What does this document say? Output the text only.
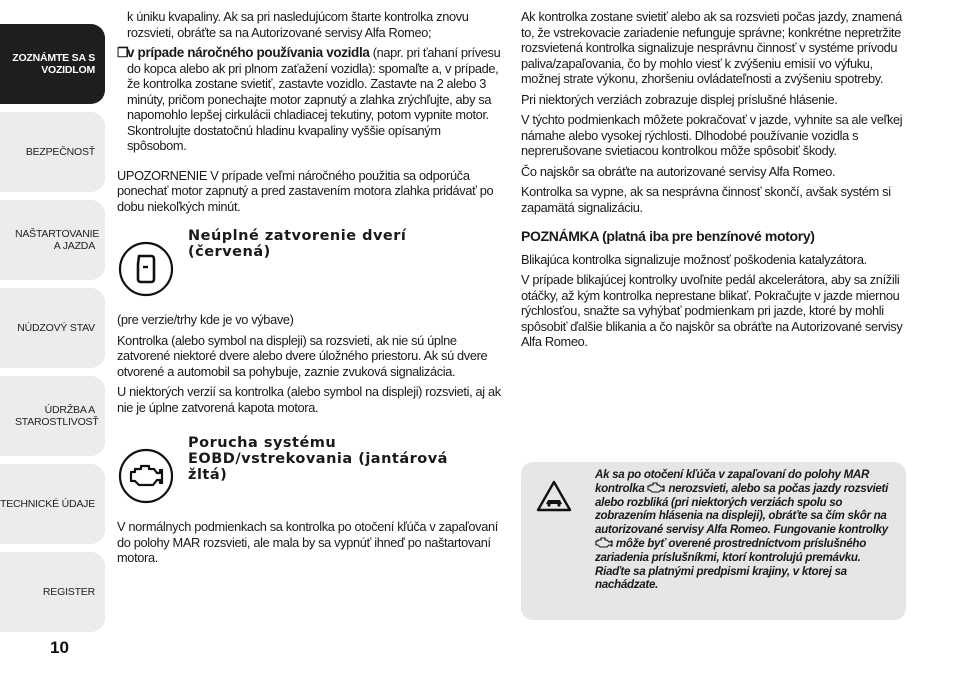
ZOZNÁMTE SA S VOZIDLOM
BEZPEČNOSŤ
NAŠTARTOVANIE A JAZDA
NÚDZOVÝ STAV
ÚDRŽBA A STAROSTLIVOSŤ
TECHNICKÉ ÚDAJE
REGISTER
10

k úniku kvapaliny. Ak sa pri nasledujúcom štarte kontrolka znovu rozsvieti, obráťte sa na Autorizované servisy Alfa Romeo;

❒
v prípade náročného používania vozidla (napr. pri ťahaní prívesu do kopca alebo ak pri plnom zaťažení vozidla): spomaľte a, v prípade, že kontrolka zostane svietiť, zastavte vozidlo. Zastavte na 2 alebo 3 minúty, pričom ponechajte motor zapnutý a zlahka zrýchľujte, aby sa napomohlo lepšej cirkulácii chladiacej tekutiny, potom vypnite motor. Skontrolujte dostatočnú hladinu kvapaliny vyššie opísaným spôsobom.

UPOZORNENIE V prípade veľmi náročného použitia sa odporúča ponechať motor zapnutý a pred zastavením motora zlahka pridávať po dobu niekoľkých minút.

Neúplné zatvorenie dverí (červená)

(pre verzie/trhy kde je vo výbave)

Kontrolka (alebo symbol na displeji) sa rozsvieti, ak nie sú úplne zatvorené niektoré dvere alebo dvere úložného priestoru. Ak sú dvere otvorené a automobil sa pohybuje, zaznie zvuková signalizácia.

U niektorých verzií sa kontrolka (alebo symbol na displeji) rozsvieti, aj ak nie je úplne zatvorená kapota motora.

Porucha systému EOBD/vstrekovania (jantárová žltá)

V normálnych podmienkach sa kontrolka po otočení kľúča v zapaľovaní do polohy MAR rozsvieti, ale mala by sa vypnúť ihneď po naštartovaní motora.

Ak kontrolka zostane svietiť alebo ak sa rozsvieti počas jazdy, znamená to, že vstrekovacie zariadenie nefunguje správne; konkrétne nepretržite rozsvietená kontrolka signalizuje nesprávnu činnosť v systéme prívodu paliva/zapaľovania, čo by mohlo viesť k zvýšeniu emisií vo výfuku, možnej strate výkonu, zhoršeniu ovládateľnosti a zvýšeniu spotreby.

Pri niektorých verziách zobrazuje displej príslušné hlásenie.

V týchto podmienkach môžete pokračovať v jazde, vyhnite sa ale veľkej námahe alebo vysokej rýchlosti. Dlhodobé používanie vozidla s neprerušovane svietiacou kontrolkou môže spôsobiť škody.

Čo najskôr sa obráťte na autorizované servisy Alfa Romeo.

Kontrolka sa vypne, ak sa nesprávna činnosť skončí, avšak systém si zapamätá signalizáciu.

POZNÁMKA (platná iba pre benzínové motory)

Blikajúca kontrolka signalizuje možnosť poškodenia katalyzátora.

V prípade blikajúcej kontrolky uvoľnite pedál akcelerátora, aby sa znížili otáčky, až kým kontrolka neprestane blikať. Pokračujte v jazde miernou rýchlosťou, snažte sa vyhýbať podmienkam pri jazde, ktoré by mohli spôsobiť ďalšie blikania a čo najskôr sa obráťte na Autorizované servisy Alfa Romeo.

Ak sa po otočení kľúča v zapaľovaní do polohy MAR kontrolka nerozsvieti, alebo sa počas jazdy rozsvieti alebo rozbliká (pri niektorých verziách spolu so zobrazením hlásenia na displeji), obráťte sa čím skôr na autorizované servisy Alfa Romeo. Fungovanie kontrolky  môže byť overené prostredníctvom príslušného zariadenia príslušníkmi, ktorí kontrolujú premávku. Riaďte sa platnými predpismi krajiny, v ktorej sa nachádzate.
